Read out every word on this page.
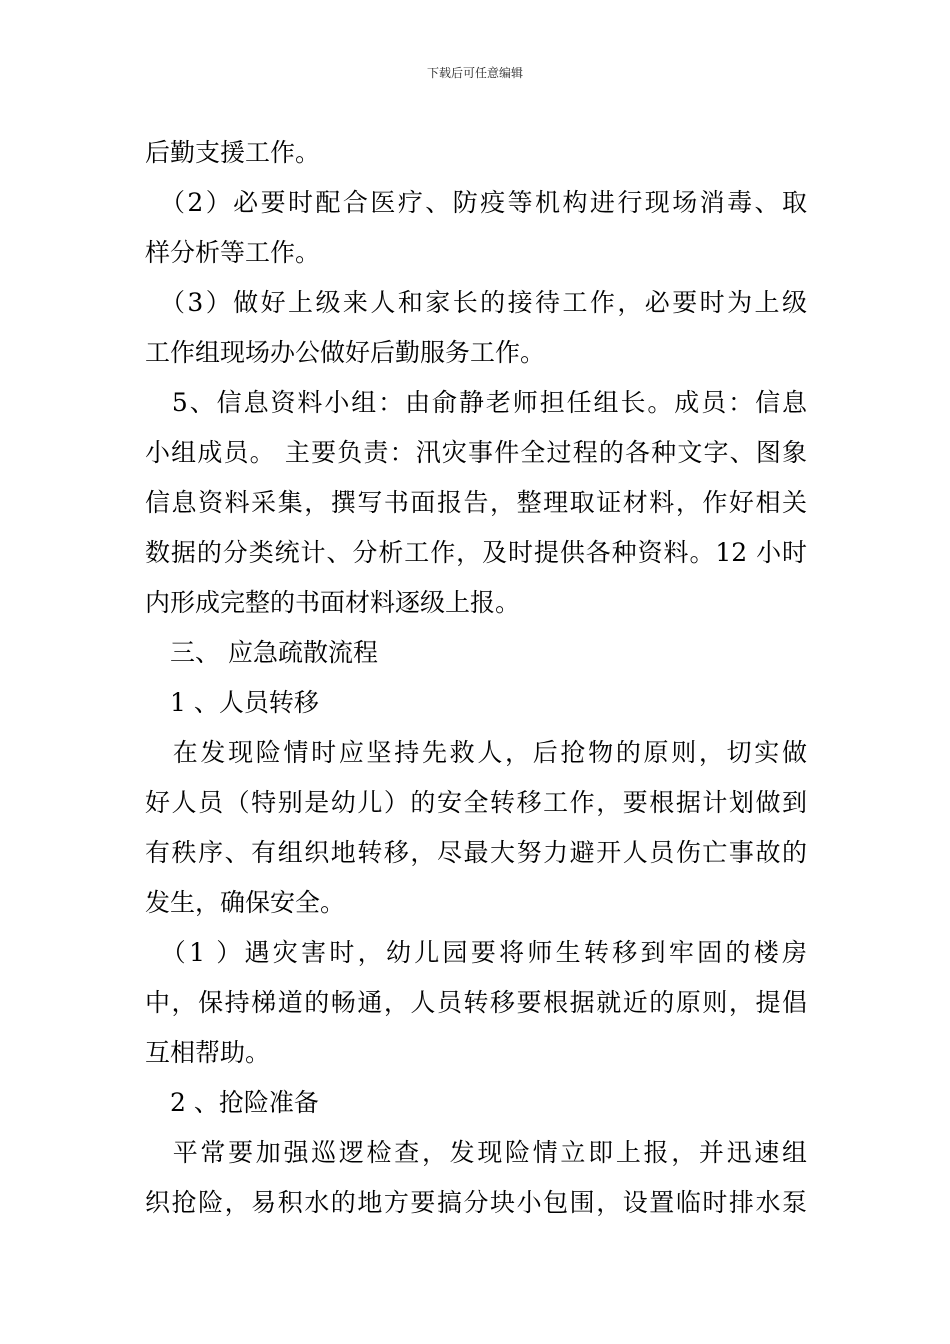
下载后可任意编辑
后勤支援工作。
　（2）必要时配合医疗、防疫等机构进行现场消毒、取
样分析等工作。
　（3）做好上级来人和家长的接待工作，必要时为上级
工作组现场办公做好后勤服务工作。
　5、信息资料小组：由俞静老师担任组长。成员：信息
小组成员。 主要负责：汛灾事件全过程的各种文字、图象
信息资料采集，撰写书面报告，整理取证材料，作好相关
数据的分类统计、分析工作，及时提供各种资料。12 小时
内形成完整的书面材料逐级上报。
　三、 应急疏散流程
　1 、人员转移
　在发现险情时应坚持先救人，后抢物的原则，切实做
好人员（特别是幼儿）的安全转移工作，要根据计划做到
有秩序、有组织地转移，尽最大努力避开人员伤亡事故的
发生，确保安全。
　（1 ）遇灾害时，幼儿园要将师生转移到牢固的楼房
中，保持梯道的畅通，人员转移要根据就近的原则，提倡
互相帮助。
　2 、抢险准备
　平常要加强巡逻检查，发现险情立即上报，并迅速组
织抢险，易积水的地方要搞分块小包围，设置临时排水泵
